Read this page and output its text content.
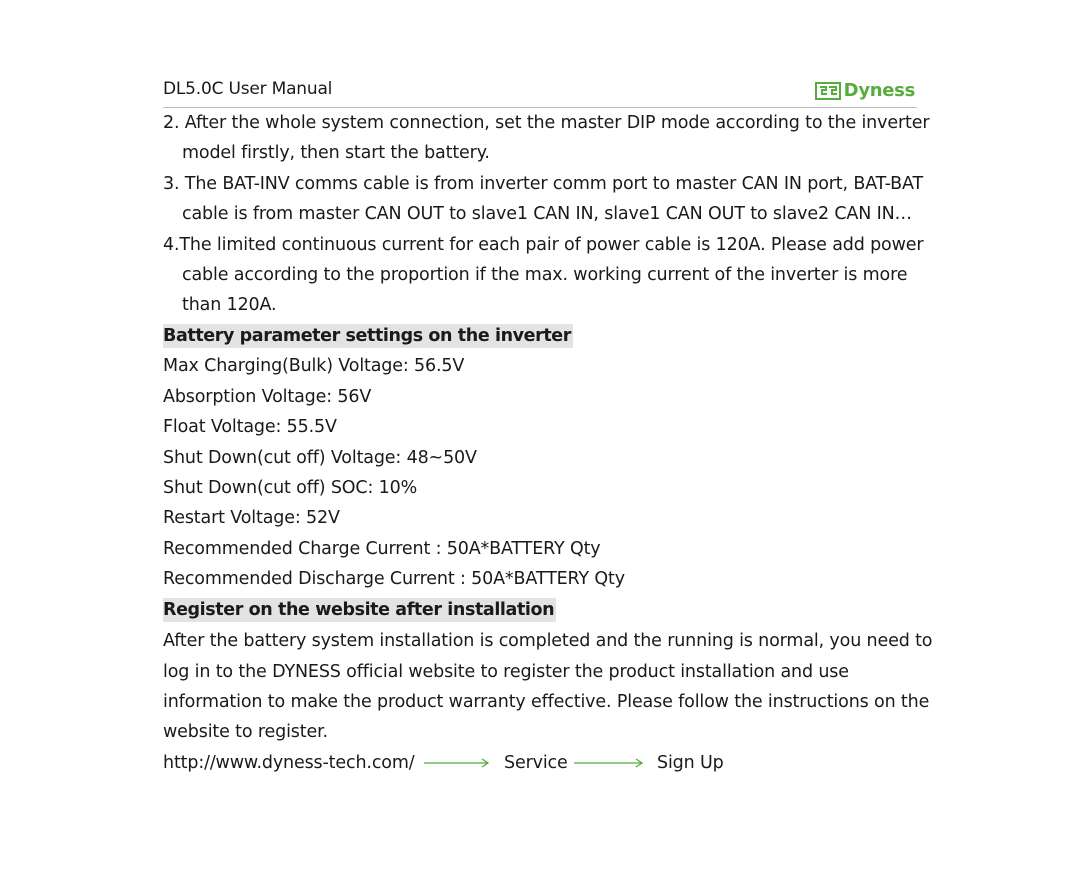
DL5.0C User Manual	Dyness
2. After the whole system connection, set the master DIP mode according to the inverter
model firstly, then start the battery.
3. The BAT-INV comms cable is from inverter comm port to master CAN IN port, BAT-BAT
cable is from master CAN OUT to slave1 CAN IN, slave1 CAN OUT to slave2 CAN IN…
4.The limited continuous current for each pair of power cable is 120A. Please add power
cable according to the proportion if the max. working current of the inverter is more
than 120A.
Battery parameter settings on the inverter
Max Charging(Bulk) Voltage: 56.5V
Absorption Voltage: 56V
Float Voltage: 55.5V
Shut Down(cut off) Voltage: 48~50V
Shut Down(cut off) SOC: 10%
Restart Voltage: 52V
Recommended Charge Current : 50A*BATTERY Qty
Recommended Discharge Current : 50A*BATTERY Qty
Register on the website after installation
After the battery system installation is completed and the running is normal, you need to
log in to the DYNESS official website to register the product installation and use
information to make the product warranty effective. Please follow the instructions on the
website to register.
http://www.dyness-tech.com/	Service	Sign Up
